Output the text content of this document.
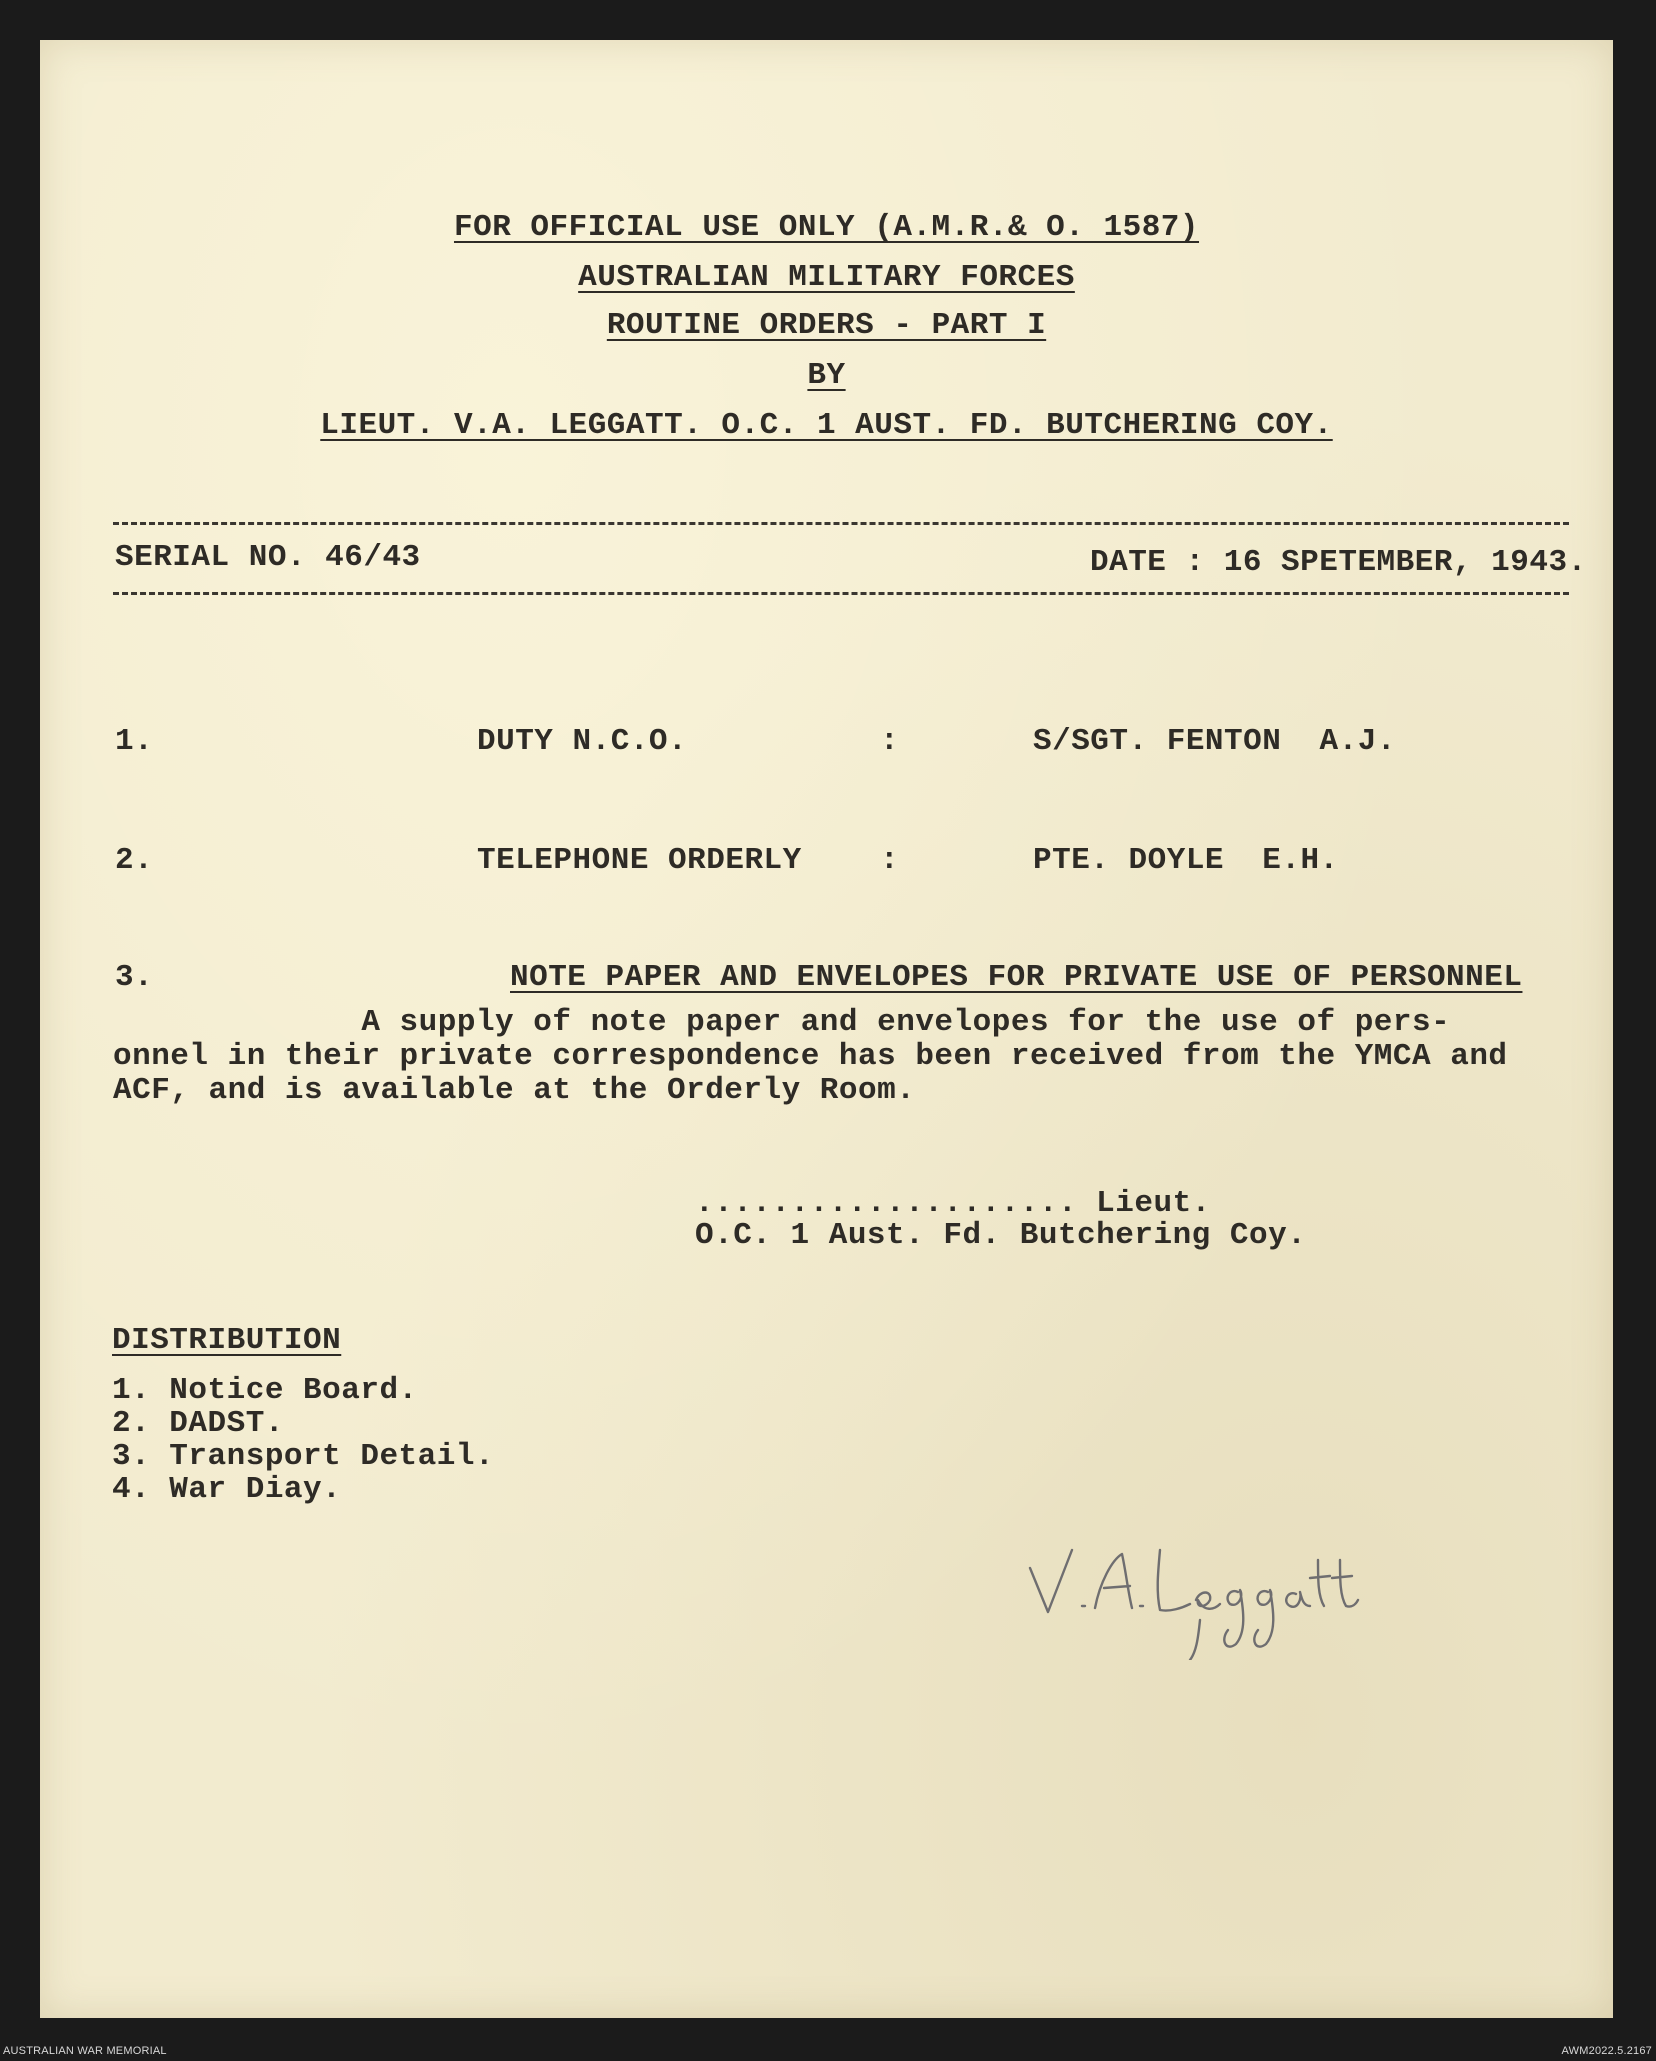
FOR OFFICIAL USE ONLY (A.M.R.& O. 1587)
AUSTRALIAN MILITARY FORCES
ROUTINE ORDERS - PART I
BY
LIEUT. V.A. LEGGATT. O.C. 1 AUST. FD. BUTCHERING COY.
SERIAL NO. 46/43	DATE : 16 SPETEMBER, 1943.
1.	DUTY N.C.O.	:	S/SGT. FENTON  A.J.
2.	TELEPHONE ORDERLY	:	PTE. DOYLE  E.H.
3.	NOTE PAPER AND ENVELOPES FOR PRIVATE USE OF PERSONNEL
A supply of note paper and envelopes for the use of pers-
onnel in their private correspondence has been received from the YMCA and
ACF, and is available at the Orderly Room.
.................... Lieut.
O.C. 1 Aust. Fd. Butchering Coy.
DISTRIBUTION
1. Notice Board.
2. DADST.
3. Transport Detail.
4. War Diay.
AUSTRALIAN WAR MEMORIAL	AWM2022.5.2167
